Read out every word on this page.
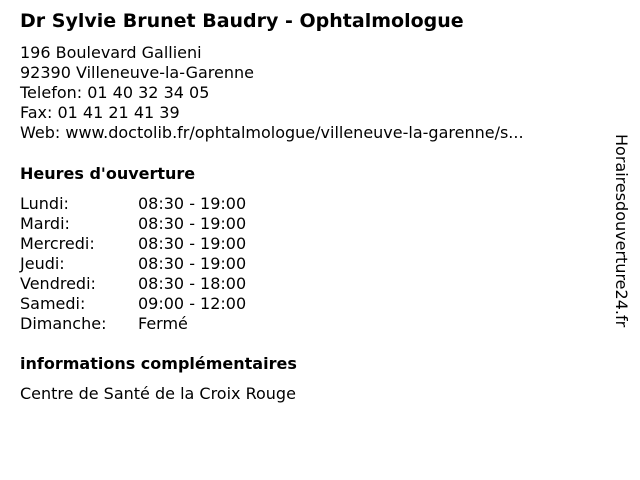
Dr Sylvie Brunet Baudry - Ophtalmologue
196 Boulevard Gallieni
92390 Villeneuve-la-Garenne
Telefon: 01 40 32 34 05
Fax: 01 41 21 41 39
Web: www.doctolib.fr/ophtalmologue/villeneuve-la-garenne/s...
Heures d'ouverture
Lundi:	08:30 - 19:00
Mardi:	08:30 - 19:00
Mercredi:	08:30 - 19:00
Jeudi:	08:30 - 19:00
Vendredi:	08:30 - 18:00
Samedi:	09:00 - 12:00
Dimanche:	Fermé
informations complémentaires
Centre de Santé de la Croix Rouge
Horairesdouverture24.fr
